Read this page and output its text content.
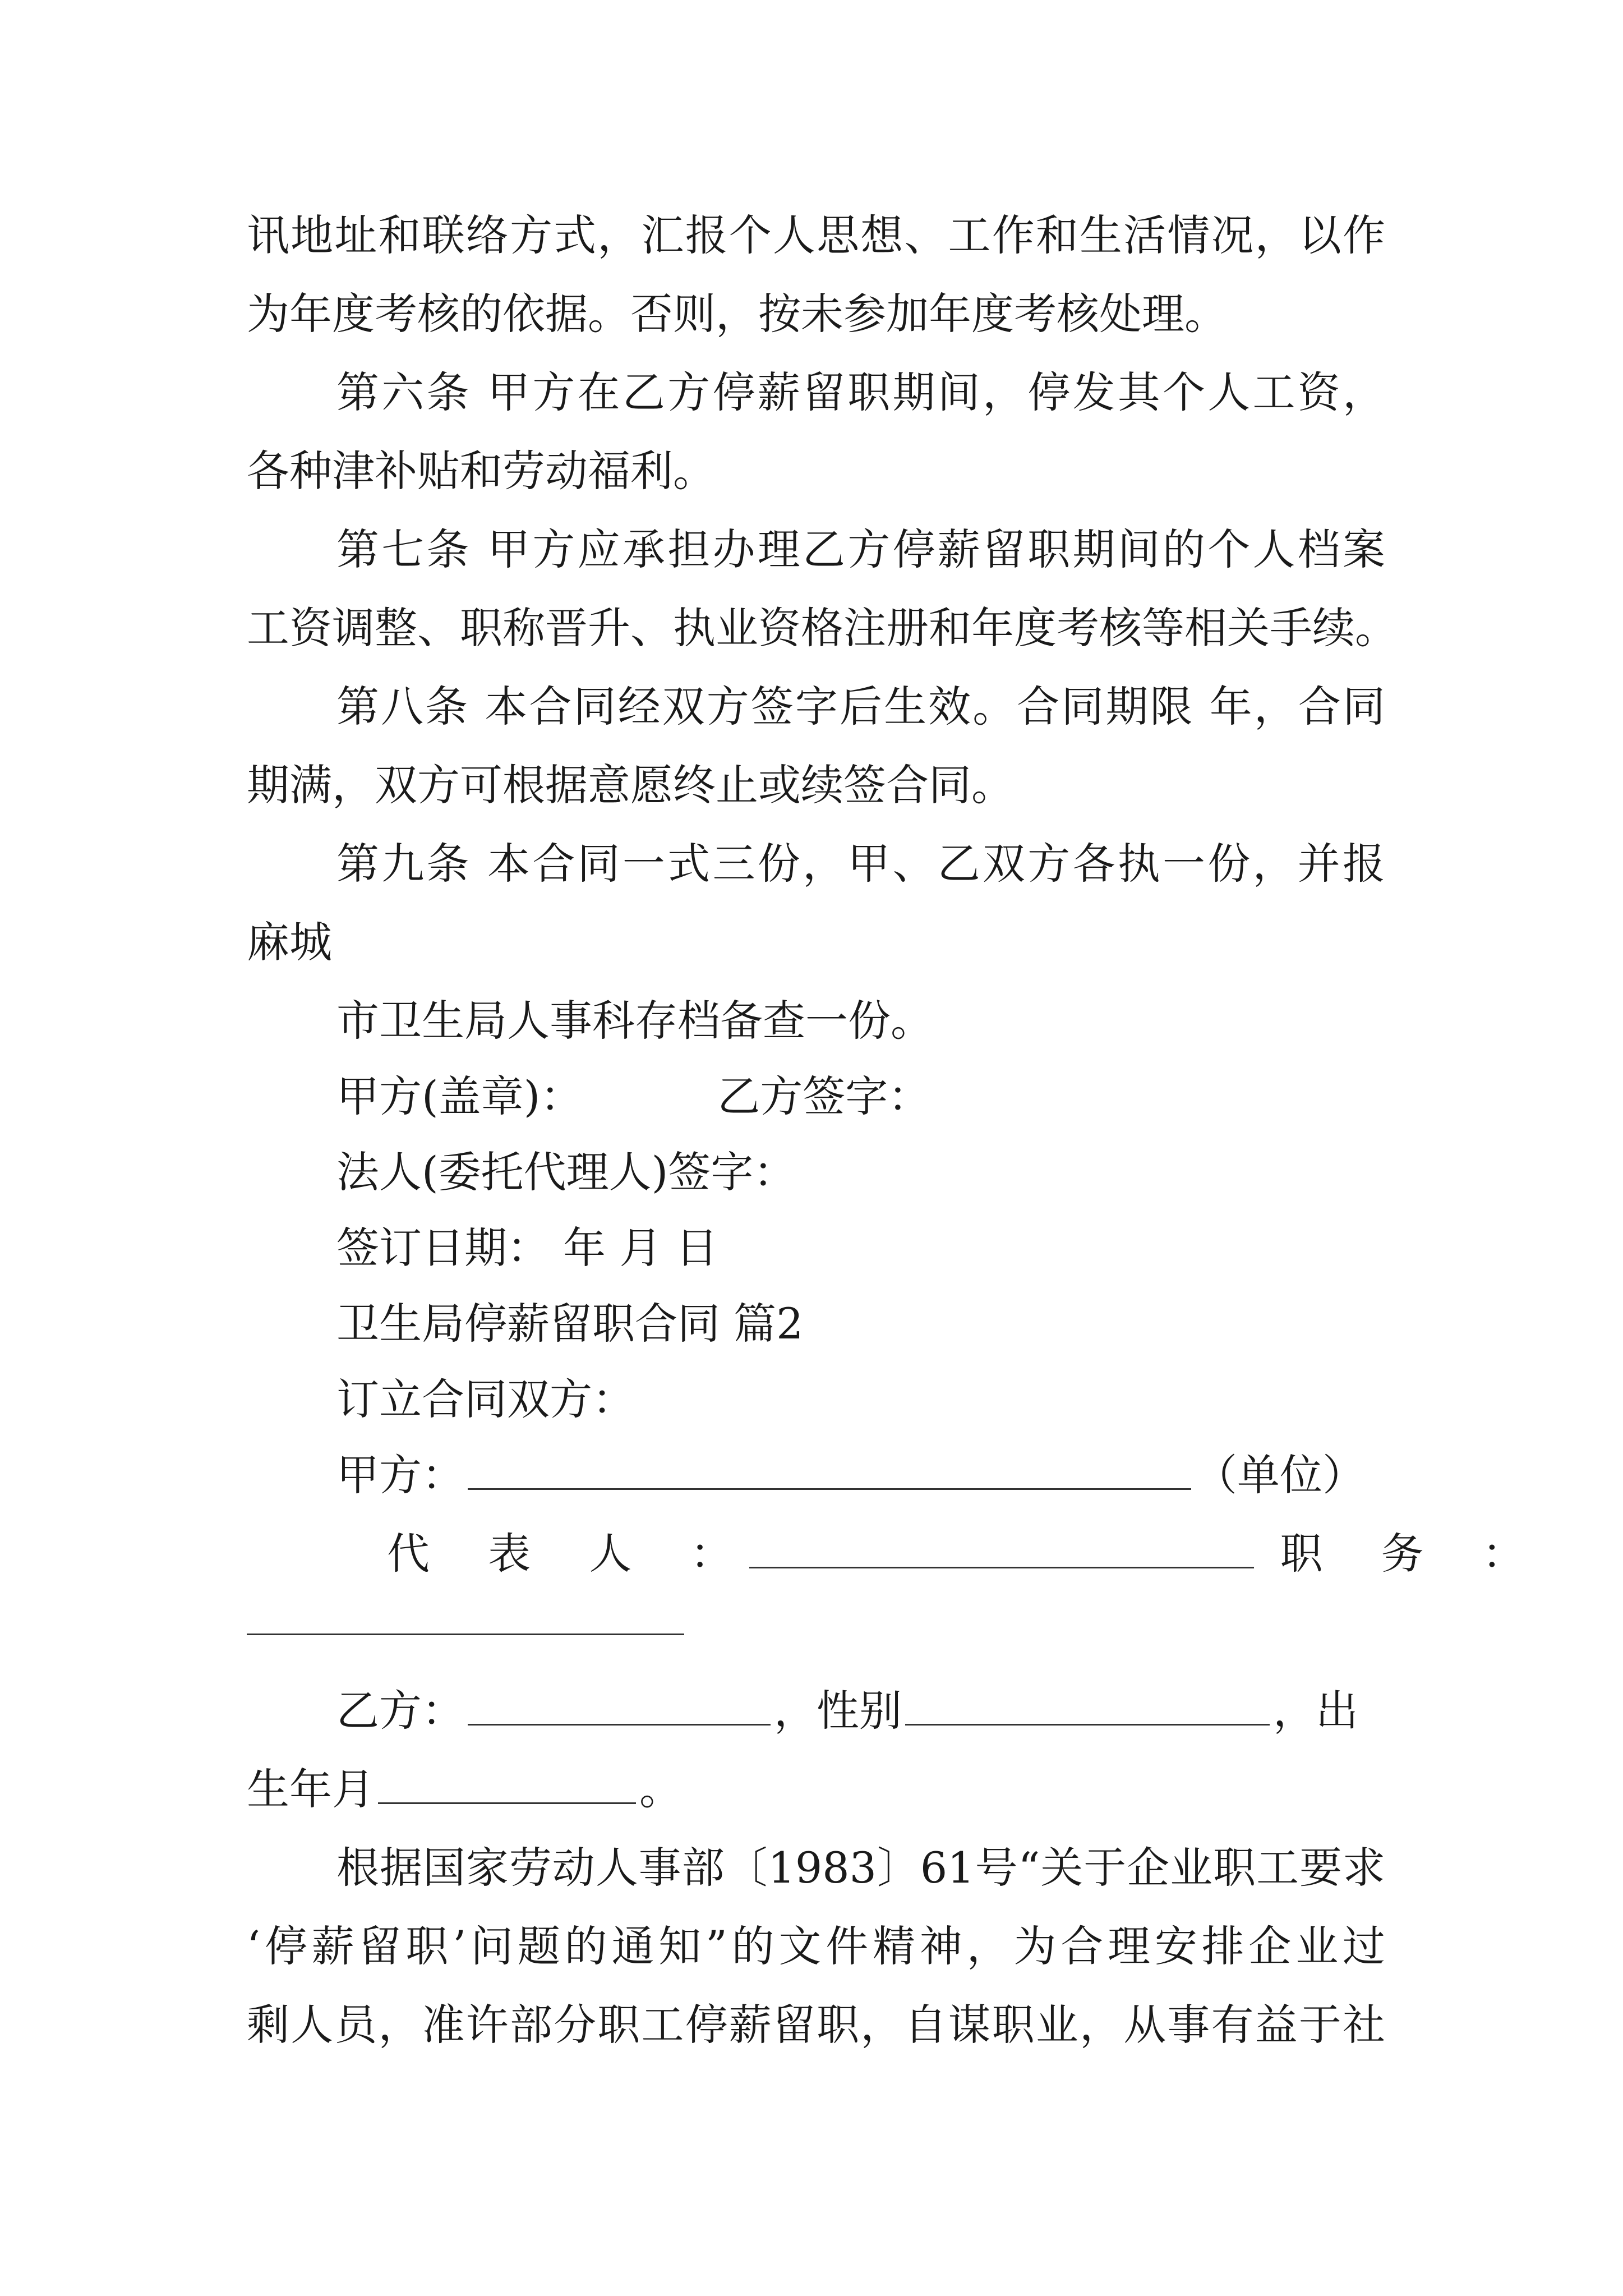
讯地址和联络方式，汇报个人思想、工作和生活情况，以作
为年度考核的依据。否则，按未参加年度考核处理。
第六条 甲方在乙方停薪留职期间，停发其个人工资，
各种津补贴和劳动福利。
第七条 甲方应承担办理乙方停薪留职期间的个人档案
工资调整、职称晋升、执业资格注册和年度考核等相关手续。
第八条 本合同经双方签字后生效。合同期限 年，合同
期满，双方可根据意愿终止或续签合同。
第九条 本合同一式三份，甲、乙双方各执一份，并报
麻城
市卫生局人事科存档备查一份。
甲方(盖章)：	乙方签字：
法人(委托代理人)签字：
签订日期： 年 月 日
卫生局停薪留职合同 篇2
订立合同双方：
甲方：	（单位）
代 表 人 ：	职 务 ：
乙方：	，性别	，出
生年月	。
根据国家劳动人事部〔1983〕61号“关于企业职工要求
‘停薪留职’问题的通知”的文件精神，为合理安排企业过
剩人员，准许部分职工停薪留职，自谋职业，从事有益于社
